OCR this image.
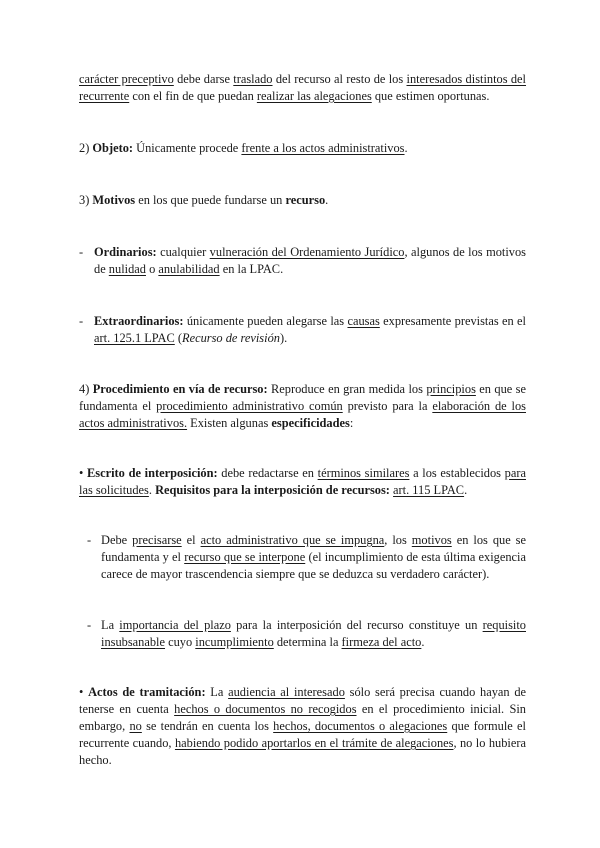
carácter preceptivo debe darse traslado del recurso al resto de los interesados distintos del recurrente con el fin de que puedan realizar las alegaciones que estimen oportunas.

2) Objeto: Únicamente procede frente a los actos administrativos.

3) Motivos en los que puede fundarse un recurso.

- Ordinarios: cualquier vulneración del Ordenamiento Jurídico, algunos de los motivos de nulidad o anulabilidad en la LPAC.
- Extraordinarios: únicamente pueden alegarse las causas expresamente previstas en el art. 125.1 LPAC (Recurso de revisión).

4) Procedimiento en vía de recurso: Reproduce en gran medida los principios en que se fundamenta el procedimiento administrativo común previsto para la elaboración de los actos administrativos. Existen algunas especificidades:

• Escrito de interposición: debe redactarse en términos similares a los establecidos para las solicitudes. Requisitos para la interposición de recursos: art. 115 LPAC.

- Debe precisarse el acto administrativo que se impugna, los motivos en los que se fundamenta y el recurso que se interpone (el incumplimiento de esta última exigencia carece de mayor trascendencia siempre que se deduzca su verdadero carácter).
- La importancia del plazo para la interposición del recurso constituye un requisito insubsanable cuyo incumplimiento determina la firmeza del acto.

• Actos de tramitación: La audiencia al interesado sólo será precisa cuando hayan de tenerse en cuenta hechos o documentos no recogidos en el procedimiento inicial. Sin embargo, no se tendrán en cuenta los hechos, documentos o alegaciones que formule el recurrente cuando, habiendo podido aportarlos en el trámite de alegaciones, no lo hubiera hecho.
